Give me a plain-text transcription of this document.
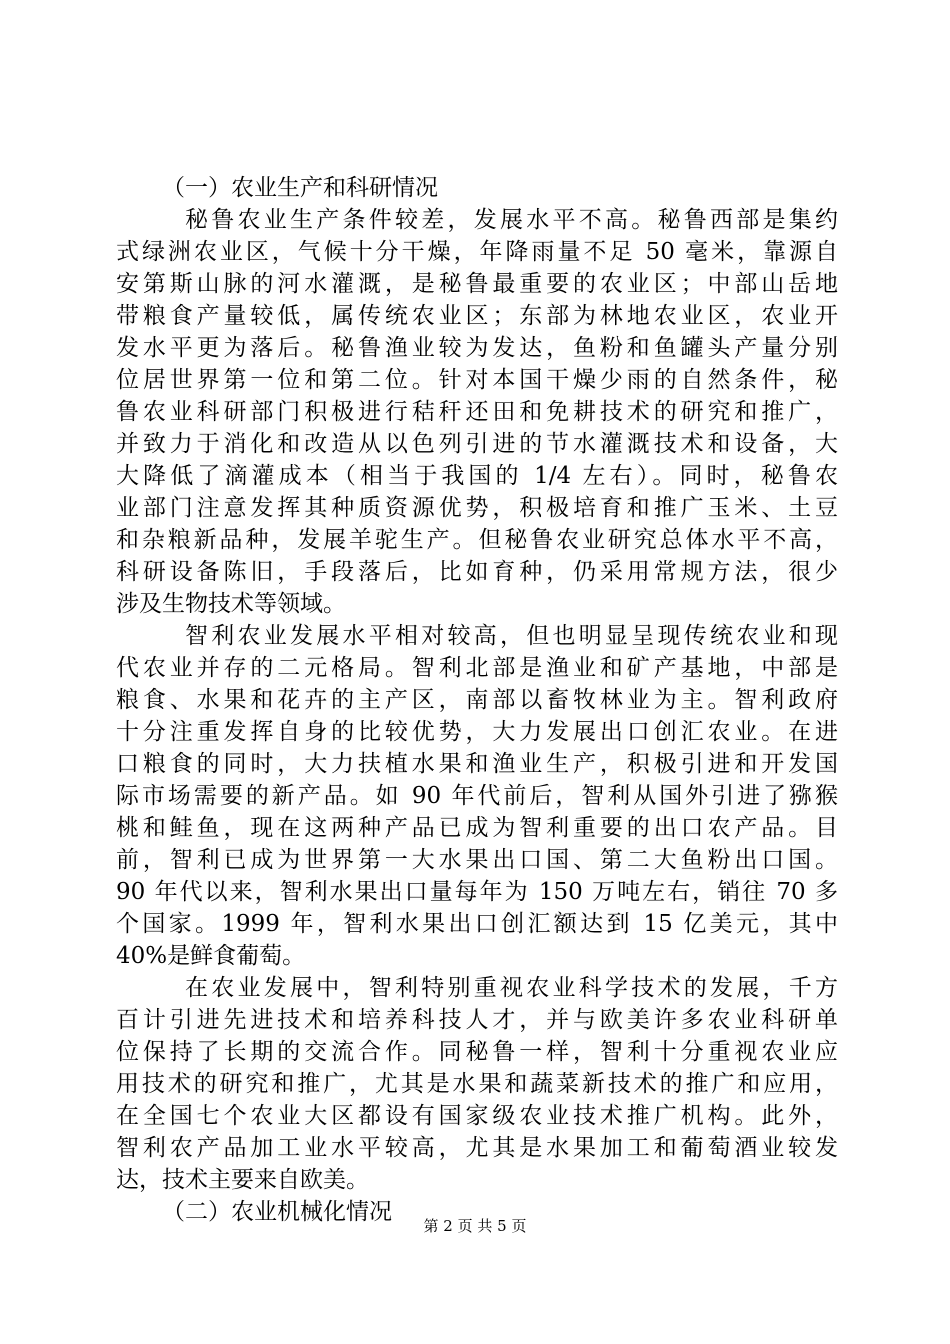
（一）农业生产和科研情况
秘鲁农业生产条件较差，发展水平不高。秘鲁西部是集约
式绿洲农业区，气候十分干燥，年降雨量不足 50 毫米，靠源自
安第斯山脉的河水灌溉，是秘鲁最重要的农业区；中部山岳地
带粮食产量较低，属传统农业区；东部为林地农业区，农业开
发水平更为落后。秘鲁渔业较为发达，鱼粉和鱼罐头产量分别
位居世界第一位和第二位。针对本国干燥少雨的自然条件，秘
鲁农业科研部门积极进行秸秆还田和免耕技术的研究和推广，
并致力于消化和改造从以色列引进的节水灌溉技术和设备，大
大降低了滴灌成本（相当于我国的 1/4 左右）。同时，秘鲁农
业部门注意发挥其种质资源优势，积极培育和推广玉米、土豆
和杂粮新品种，发展羊驼生产。但秘鲁农业研究总体水平不高，
科研设备陈旧，手段落后，比如育种，仍采用常规方法，很少
涉及生物技术等领域。
智利农业发展水平相对较高，但也明显呈现传统农业和现
代农业并存的二元格局。智利北部是渔业和矿产基地，中部是
粮食、水果和花卉的主产区，南部以畜牧林业为主。智利政府
十分注重发挥自身的比较优势，大力发展出口创汇农业。在进
口粮食的同时，大力扶植水果和渔业生产，积极引进和开发国
际市场需要的新产品。如 90 年代前后，智利从国外引进了猕猴
桃和鲑鱼，现在这两种产品已成为智利重要的出口农产品。目
前，智利已成为世界第一大水果出口国、第二大鱼粉出口国。
90 年代以来，智利水果出口量每年为 150 万吨左右，销往 70 多
个国家。1999 年，智利水果出口创汇额达到 15 亿美元，其中
40%是鲜食葡萄。
在农业发展中，智利特别重视农业科学技术的发展，千方
百计引进先进技术和培养科技人才，并与欧美许多农业科研单
位保持了长期的交流合作。同秘鲁一样，智利十分重视农业应
用技术的研究和推广，尤其是水果和蔬菜新技术的推广和应用，
在全国七个农业大区都设有国家级农业技术推广机构。此外，
智利农产品加工业水平较高，尤其是水果加工和葡萄酒业较发
达，技术主要来自欧美。
（二）农业机械化情况
第 2 页 共 5 页
